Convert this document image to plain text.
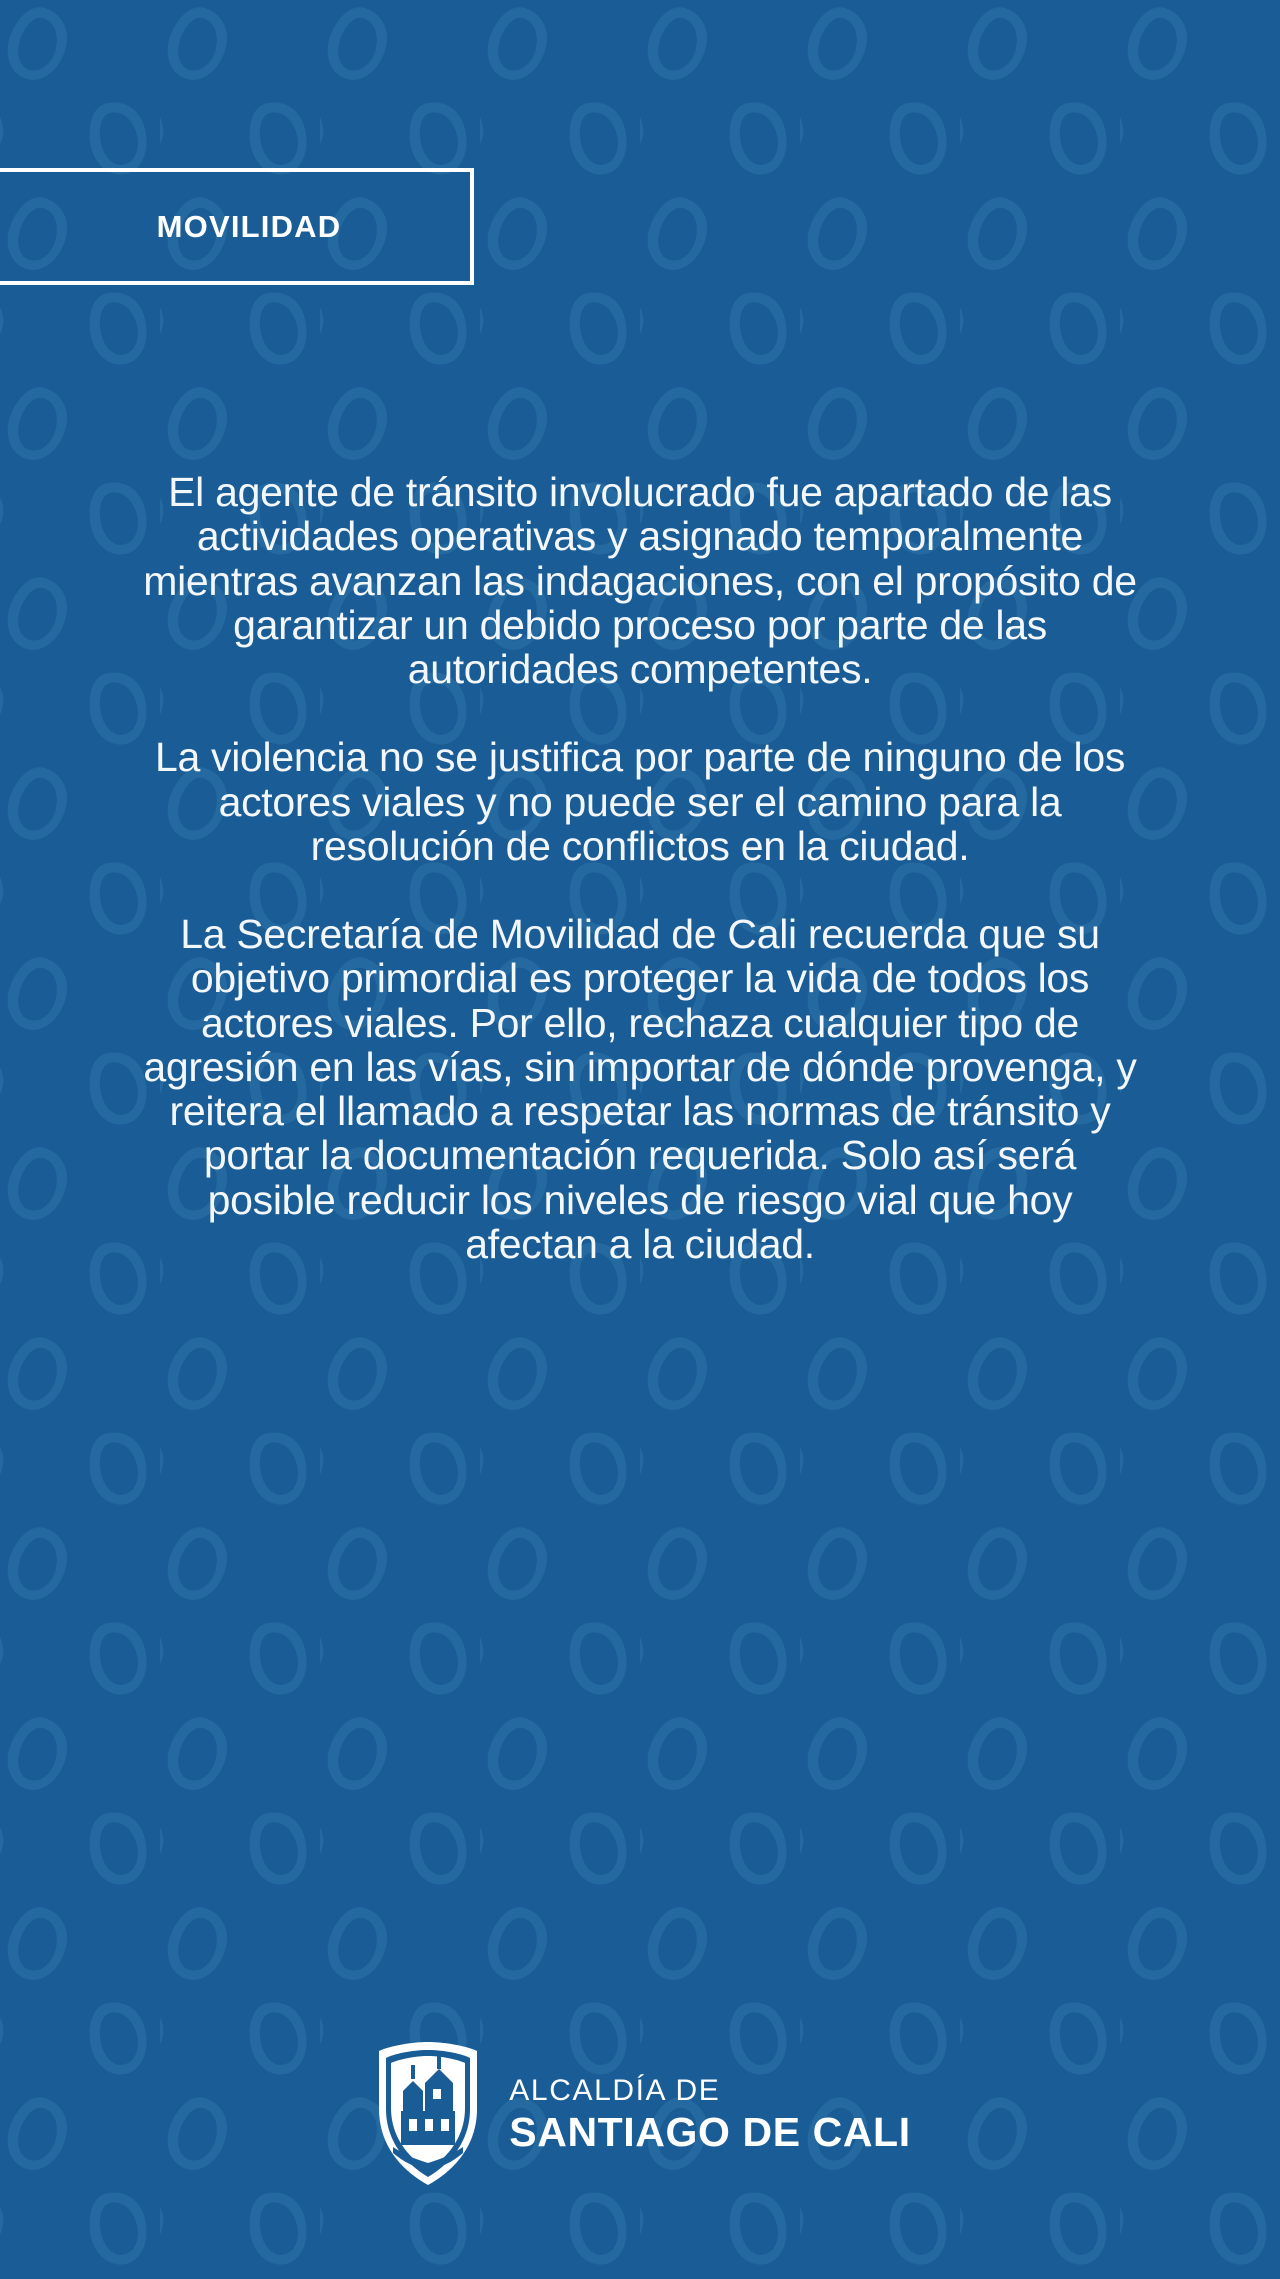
MOVILIDAD

El agente de tránsito involucrado fue apartado de las actividades operativas y asignado temporalmente mientras avanzan las indagaciones, con el propósito de garantizar un debido proceso por parte de las autoridades competentes.

La violencia no se justifica por parte de ninguno de los actores viales y no puede ser el camino para la resolución de conflictos en la ciudad.

La Secretaría de Movilidad de Cali recuerda que su objetivo primordial es proteger la vida de todos los actores viales. Por ello, rechaza cualquier tipo de agresión en las vías, sin importar de dónde provenga, y reitera el llamado a respetar las normas de tránsito y portar la documentación requerida. Solo así será posible reducir los niveles de riesgo vial que hoy afectan a la ciudad.

ALCALDÍA DE
SANTIAGO DE CALI
